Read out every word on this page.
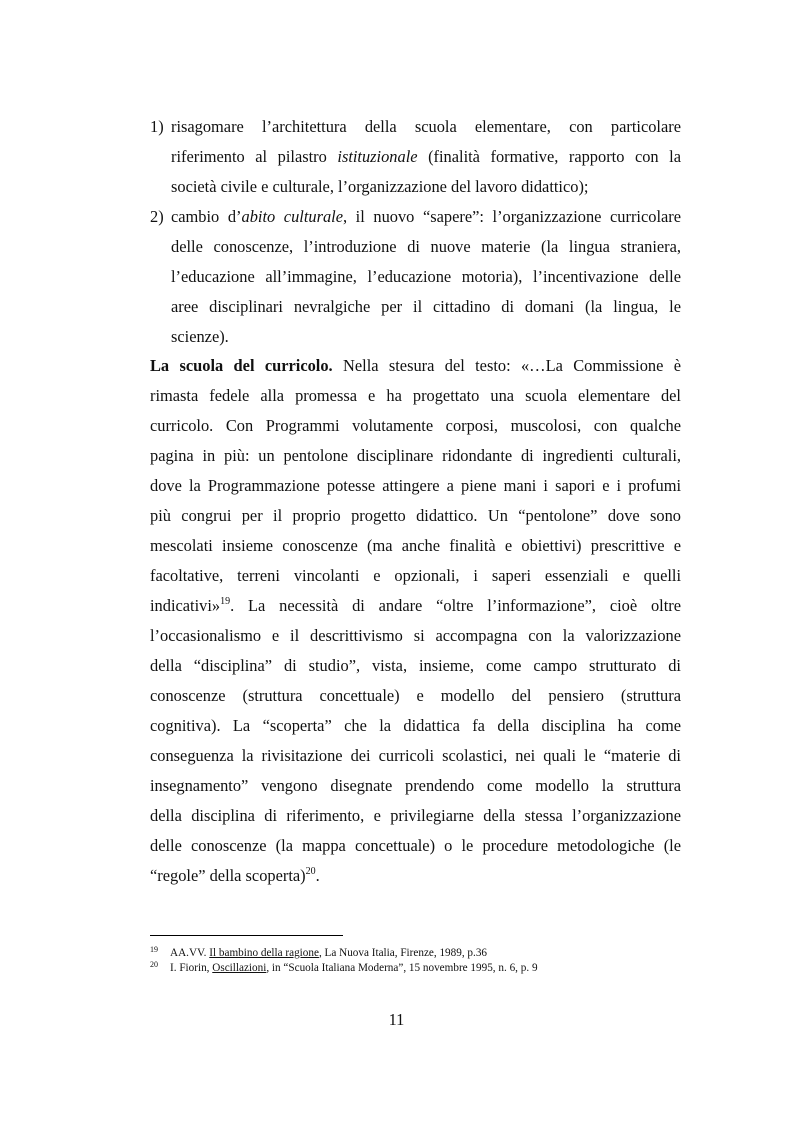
1) risagomare l’architettura della scuola elementare, con particolare
riferimento al pilastro istituzionale (finalità formative, rapporto con la
società civile e culturale, l’organizzazione del lavoro didattico);
2) cambio d’abito culturale, il nuovo “sapere”: l’organizzazione curricolare
delle conoscenze, l’introduzione di nuove materie (la lingua straniera,
l’educazione all’immagine, l’educazione motoria), l’incentivazione delle
aree disciplinari nevralgiche per il cittadino di domani (la lingua, le
scienze).
La scuola del curricolo. Nella stesura del testo: «…La Commissione è
rimasta fedele alla promessa e ha progettato una scuola elementare del
curricolo. Con Programmi volutamente corposi, muscolosi, con qualche
pagina in più: un pentolone disciplinare ridondante di ingredienti culturali,
dove la Programmazione potesse attingere a piene mani i sapori e i profumi
più congrui per il proprio progetto didattico. Un “pentolone” dove sono
mescolati insieme conoscenze (ma anche finalità e obiettivi) prescrittive e
facoltative, terreni vincolanti e opzionali, i saperi essenziali e quelli
indicativi»$^{19}$. La necessità di andare “oltre l’informazione”, cioè oltre
l’occasionalismo e il descrittivismo si accompagna con la valorizzazione
della “disciplina” di studio”, vista, insieme, come campo strutturato di
conoscenze (struttura concettuale) e modello del pensiero (struttura
cognitiva). La “scoperta” che la didattica fa della disciplina ha come
conseguenza la rivisitazione dei curricoli scolastici, nei quali le “materie di
insegnamento” vengono disegnate prendendo come modello la struttura
della disciplina di riferimento, e privilegiarne della stessa l’organizzazione
delle conoscenze (la mappa concettuale) o le procedure metodologiche (le
“regole” della scoperta)$^{20}$.
19 AA.VV. Il bambino della ragione, La Nuova Italia, Firenze, 1989, p.36
20 I. Fiorin, Oscillazioni, in “Scuola Italiana Moderna”, 15 novembre 1995, n. 6, p. 9
11
